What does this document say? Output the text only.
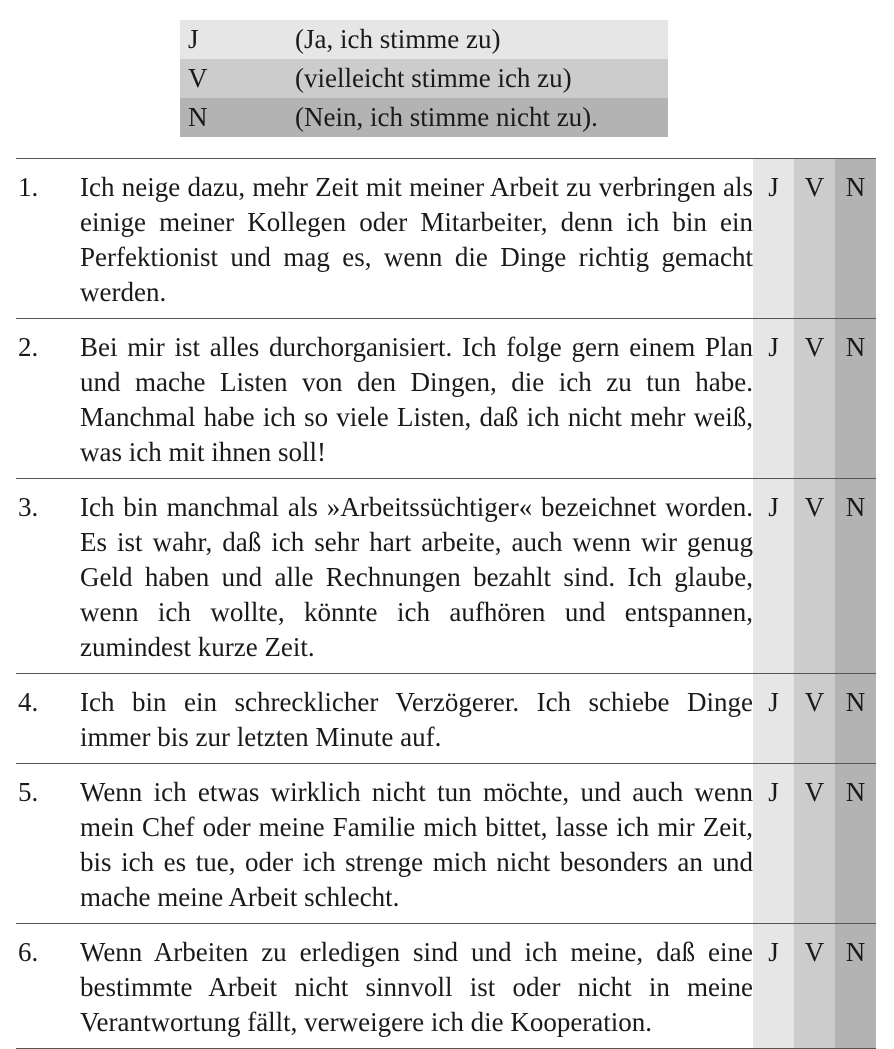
J	(Ja, ich stimme zu)
V	(vielleicht stimme ich zu)
N	(Nein, ich stimme nicht zu).
1.	Ich neige dazu, mehr Zeit mit meiner Arbeit zu verbringen als einige meiner Kollegen oder Mitarbeiter, denn ich bin ein Perfektionist und mag es, wenn die Dinge richtig gemacht werden.
J V N
2.	Bei mir ist alles durchorganisiert. Ich folge gern einem Plan und mache Listen von den Dingen, die ich zu tun habe. Manchmal habe ich so viele Listen, daß ich nicht mehr weiß, was ich mit ihnen soll!
J V N
3.	Ich bin manchmal als »Arbeitssüchtiger« bezeichnet worden. Es ist wahr, daß ich sehr hart arbeite, auch wenn wir genug Geld haben und alle Rechnungen bezahlt sind. Ich glaube, wenn ich wollte, könnte ich aufhören und entspannen, zumindest kurze Zeit.
J V N
4.	Ich bin ein schrecklicher Verzögerer. Ich schiebe Dinge immer bis zur letzten Minute auf.
J V N
5.	Wenn ich etwas wirklich nicht tun möchte, und auch wenn mein Chef oder meine Familie mich bittet, lasse ich mir Zeit, bis ich es tue, oder ich strenge mich nicht besonders an und mache meine Arbeit schlecht.
J V N
6.	Wenn Arbeiten zu erledigen sind und ich meine, daß eine bestimmte Arbeit nicht sinnvoll ist oder nicht in meine Verantwortung fällt, verweigere ich die Kooperation.
J V N
